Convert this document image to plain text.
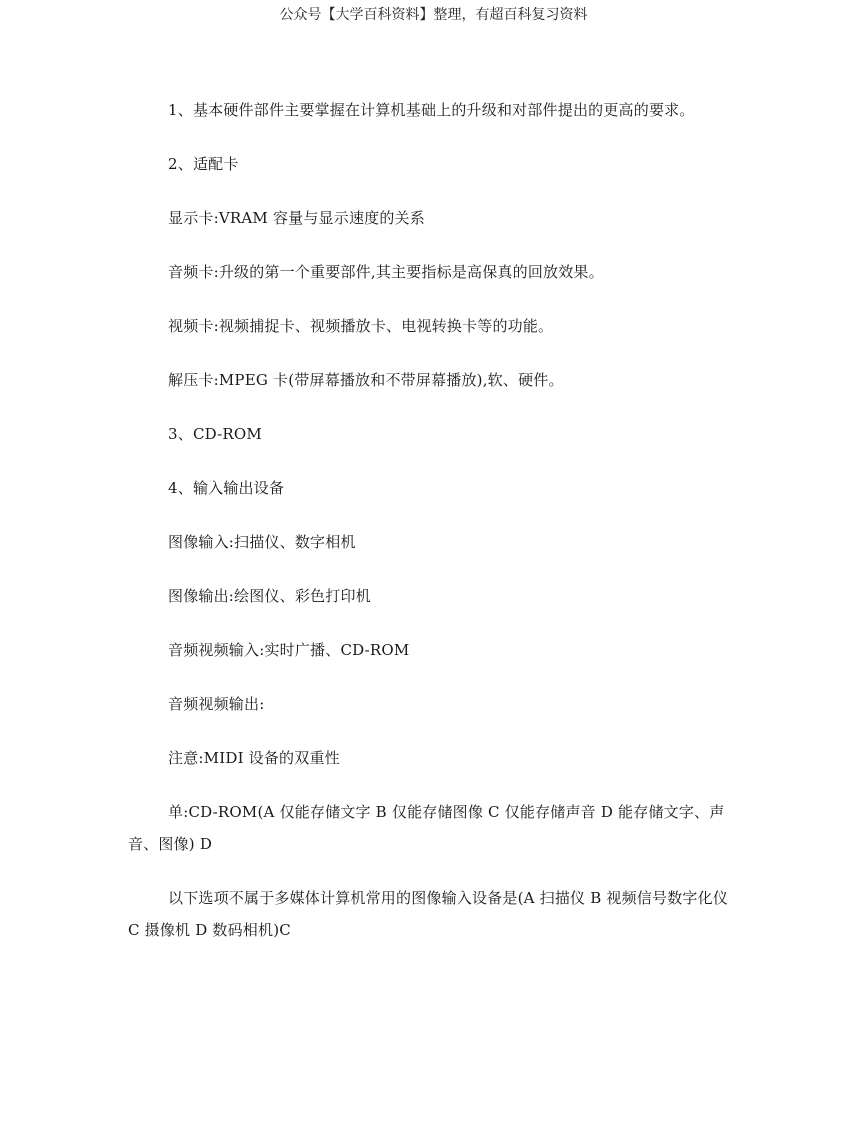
公众号【大学百科资料】整理，有超百科复习资料

1、基本硬件部件主要掌握在计算机基础上的升级和对部件提出的更高的要求。

2、适配卡

显示卡:VRAM 容量与显示速度的关系

音频卡:升级的第一个重要部件,其主要指标是高保真的回放效果。

视频卡:视频捕捉卡、视频播放卡、电视转换卡等的功能。

解压卡:MPEG 卡(带屏幕播放和不带屏幕播放),软、硬件。

3、CD-ROM

4、输入输出设备

图像输入:扫描仪、数字相机

图像输出:绘图仪、彩色打印机

音频视频输入:实时广播、CD-ROM

音频视频输出:

注意:MIDI 设备的双重性

单:CD-ROM(A 仅能存储文字 B 仅能存储图像 C 仅能存储声音 D 能存储文字、声音、图像) D

以下选项不属于多媒体计算机常用的图像输入设备是(A 扫描仪 B 视频信号数字化仪 C 摄像机 D 数码相机)C
